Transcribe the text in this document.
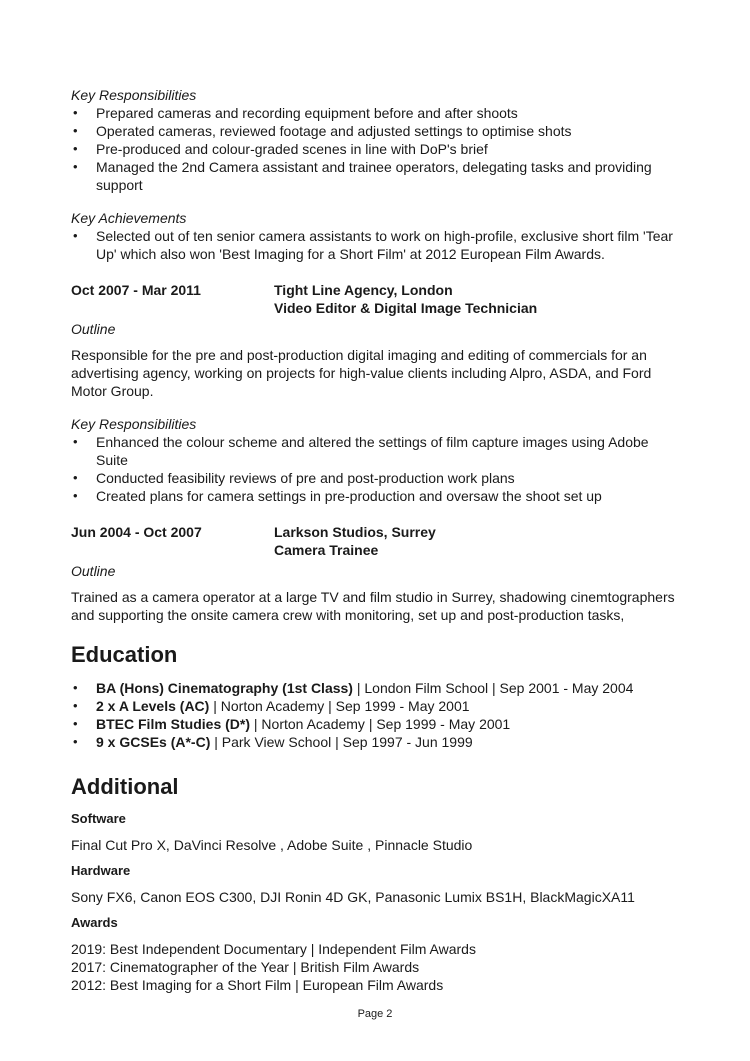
Key Responsibilities

• Prepared cameras and recording equipment before and after shoots
• Operated cameras, reviewed footage and adjusted settings to optimise shots
• Pre-produced and colour-graded scenes in line with DoP's brief
• Managed the 2nd Camera assistant and trainee operators, delegating tasks and providing support

Key Achievements

• Selected out of ten senior camera assistants to work on high-profile, exclusive short film 'Tear Up' which also won 'Best Imaging for a Short Film' at 2012 European Film Awards.
Oct 2007 - Mar 2011	Tight Line Agency, London
Video Editor & Digital Image Technician

Outline

Responsible for the pre and post-production digital imaging and editing of commercials for an advertising agency, working on projects for high-value clients including Alpro, ASDA, and Ford Motor Group.

Key Responsibilities

• Enhanced the colour scheme and altered the settings of film capture images using Adobe Suite
• Conducted feasibility reviews of pre and post-production work plans
• Created plans for camera settings in pre-production and oversaw the shoot set up
Jun 2004 - Oct 2007	Larkson Studios, Surrey
Camera Trainee

Outline

Trained as a camera operator at a large TV and film studio in Surrey, shadowing cinemtographers and supporting the onsite camera crew with monitoring, set up and post-production tasks,

Education
• BA (Hons) Cinematography (1st Class) | London Film School | Sep 2001 - May 2004
• 2 x A Levels (AC) | Norton Academy | Sep 1999 - May 2001
• BTEC Film Studies (D*) | Norton Academy | Sep 1999 - May 2001
• 9 x GCSEs (A*-C) | Park View School | Sep 1997 - Jun 1999
Additional

Software

Final Cut Pro X, DaVinci Resolve , Adobe Suite , Pinnacle Studio

Hardware

Sony FX6, Canon EOS C300, DJI Ronin 4D GK, Panasonic Lumix BS1H, BlackMagicXA11

Awards

2019: Best Independent Documentary | Independent Film Awards
2017: Cinematographer of the Year | British Film Awards
2012: Best Imaging for a Short Film | European Film Awards
Page 2
